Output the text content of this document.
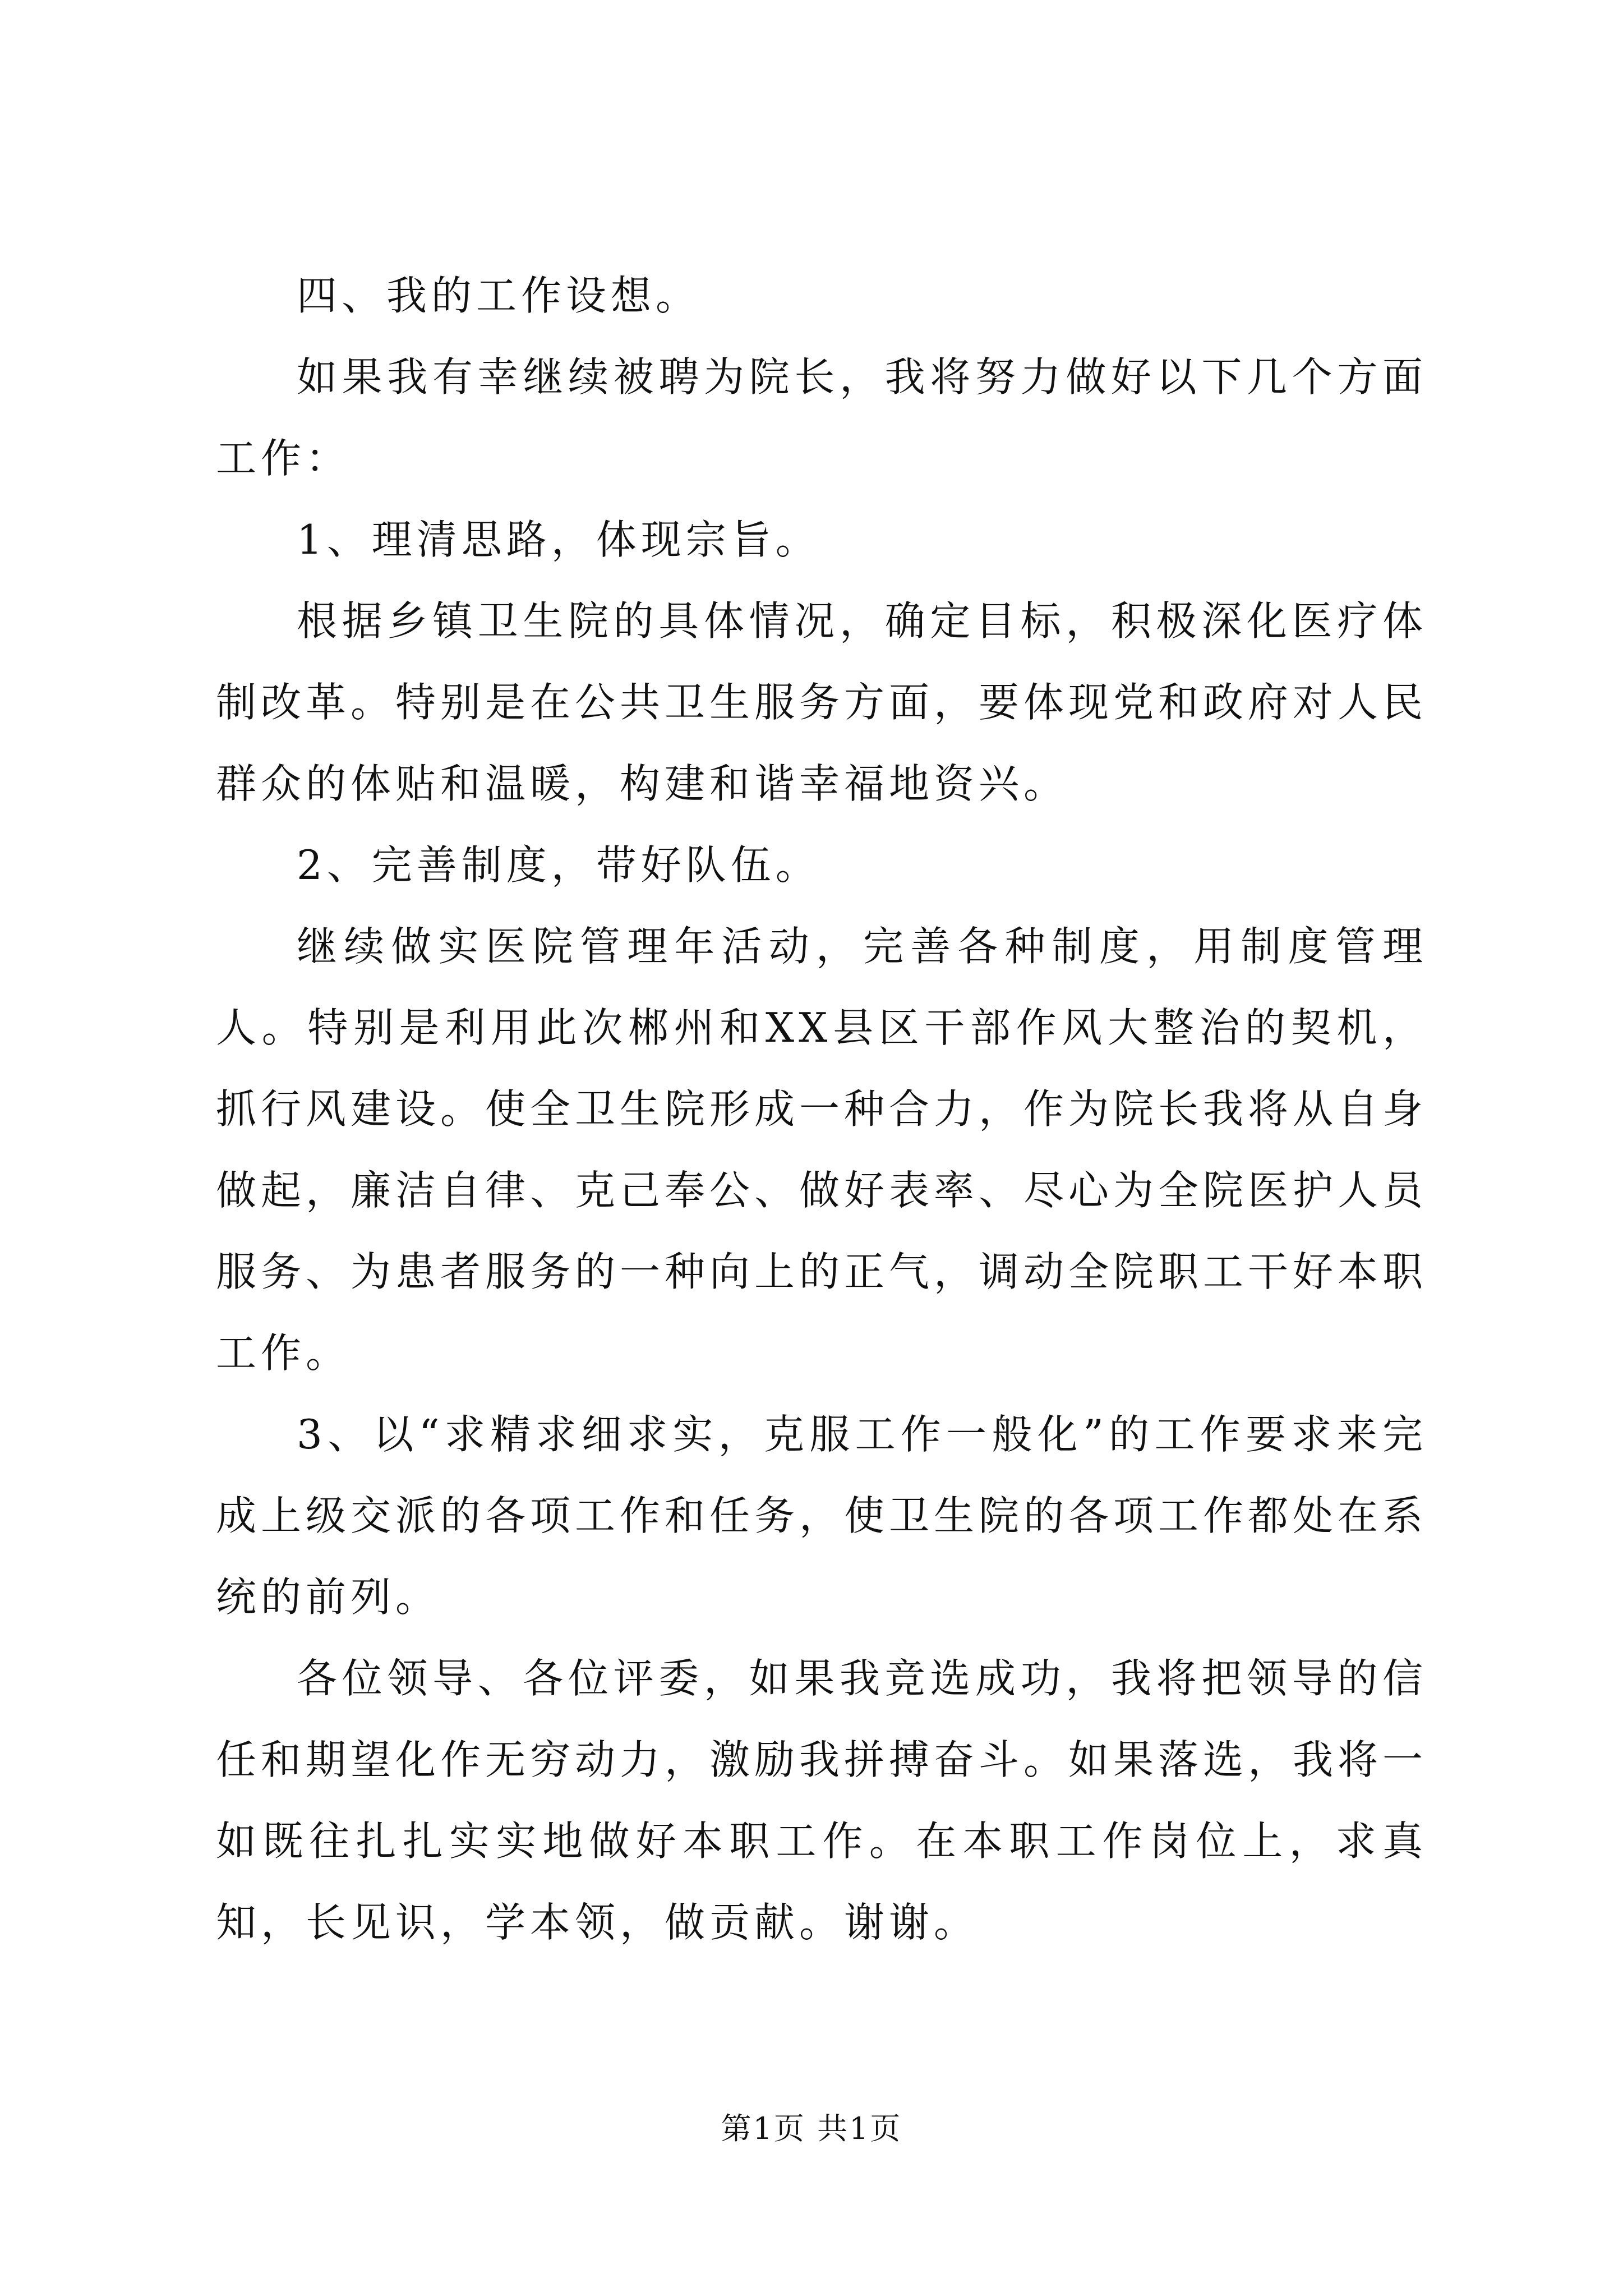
四、我的工作设想。

如果我有幸继续被聘为院长，我将努力做好以下几个方面工作：

1、理清思路，体现宗旨。

根据乡镇卫生院的具体情况，确定目标，积极深化医疗体制改革。特别是在公共卫生服务方面，要体现党和政府对人民群众的体贴和温暖，构建和谐幸福地资兴。

2、完善制度，带好队伍。

继续做实医院管理年活动，完善各种制度，用制度管理人。特别是利用此次郴州和XX县区干部作风大整治的契机，抓行风建设。使全卫生院形成一种合力，作为院长我将从自身做起，廉洁自律、克己奉公、做好表率、尽心为全院医护人员服务、为患者服务的一种向上的正气，调动全院职工干好本职工作。

3、以“求精求细求实，克服工作一般化”的工作要求来完成上级交派的各项工作和任务，使卫生院的各项工作都处在系统的前列。

各位领导、各位评委，如果我竞选成功，我将把领导的信任和期望化作无穷动力，激励我拼搏奋斗。如果落选，我将一如既往扎扎实实地做好本职工作。在本职工作岗位上，求真知，长见识，学本领，做贡献。谢谢。

第1页 共1页
